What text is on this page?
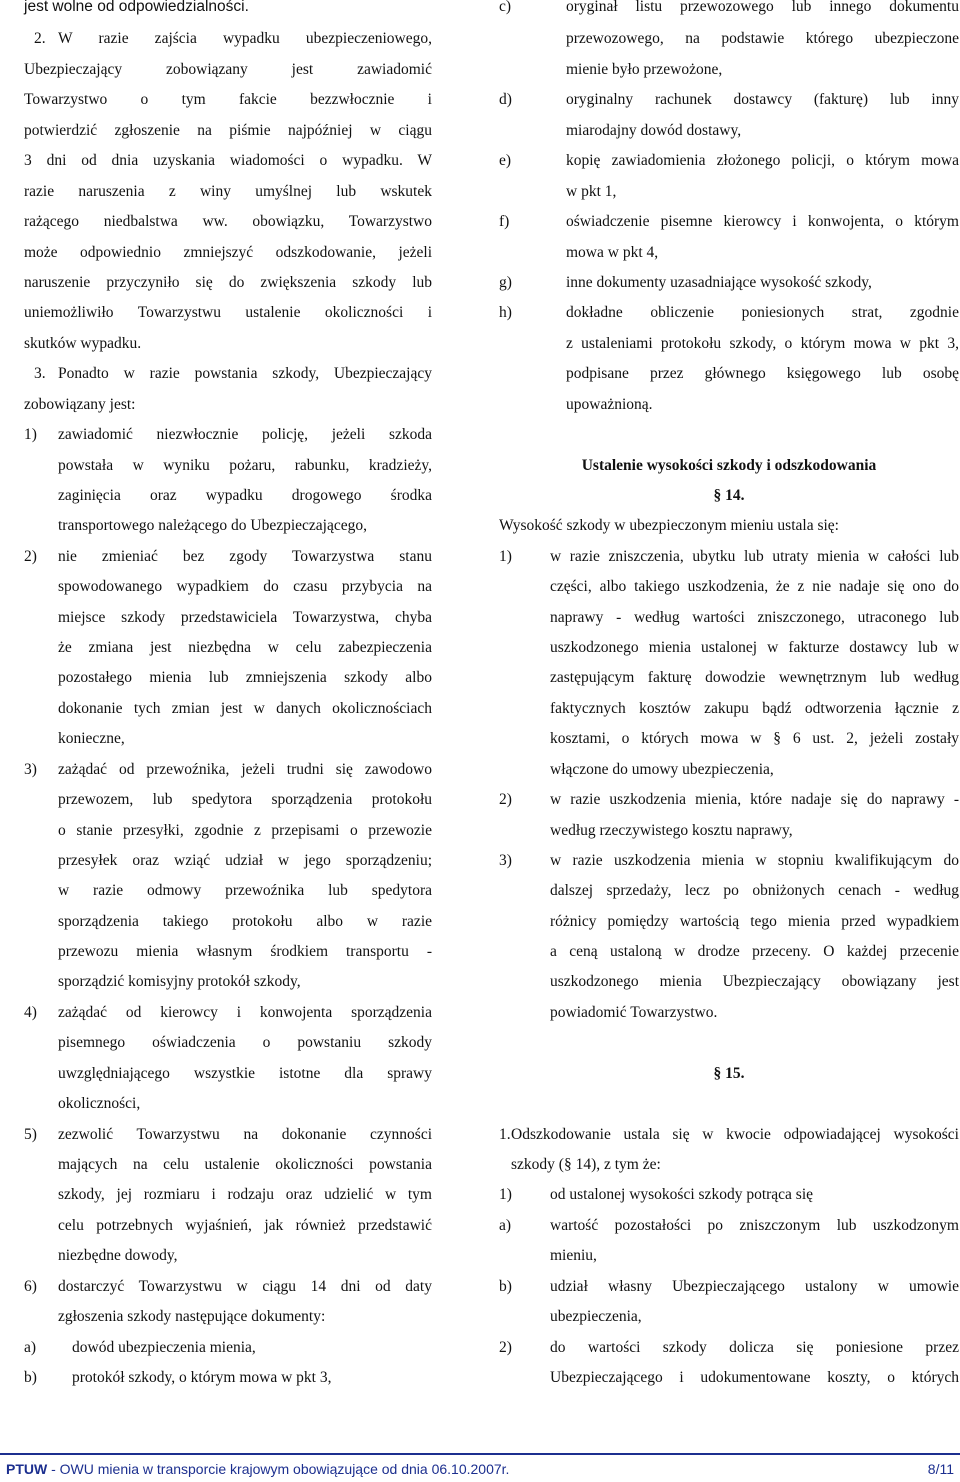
jest wolne od odpowiedzialności.
2. W razie zajścia wypadku ubezpieczeniowego,
Ubezpieczający zobowiązany jest zawiadomić
Towarzystwo o tym fakcie bezzwłocznie i
potwierdzić zgłoszenie na piśmie najpóźniej w ciągu
3 dni od dnia uzyskania wiadomości o wypadku. W
razie naruszenia z winy umyślnej lub wskutek
rażącego niedbalstwa ww. obowiązku, Towarzystwo
może odpowiednio zmniejszyć odszkodowanie, jeżeli
naruszenie przyczyniło się do zwiększenia szkody lub
uniemożliwiło Towarzystwu ustalenie okoliczności i
skutków wypadku.
3. Ponadto w razie powstania szkody, Ubezpieczający
zobowiązany jest:
1) zawiadomić niezwłocznie policję, jeżeli szkoda
powstała w wyniku pożaru, rabunku, kradzieży,
zaginięcia oraz wypadku drogowego środka
transportowego należącego do Ubezpieczającego,
2) nie zmieniać bez zgody Towarzystwa stanu
spowodowanego wypadkiem do czasu przybycia na
miejsce szkody przedstawiciela Towarzystwa, chyba
że zmiana jest niezbędna w celu zabezpieczenia
pozostałego mienia lub zmniejszenia szkody albo
dokonanie tych zmian jest w danych okolicznościach
konieczne,
3) zażądać od przewoźnika, jeżeli trudni się zawodowo
przewozem, lub spedytora sporządzenia protokołu
o stanie przesyłki, zgodnie z przepisami o przewozie
przesyłek oraz wziąć udział w jego sporządzeniu;
w razie odmowy przewoźnika lub spedytora
sporządzenia takiego protokołu albo w razie
przewozu mienia własnym środkiem transportu -
sporządzić komisyjny protokół szkody,
4) zażądać od kierowcy i konwojenta sporządzenia
pisemnego oświadczenia o powstaniu szkody
uwzględniającego wszystkie istotne dla sprawy
okoliczności,
5) zezwolić Towarzystwu na dokonanie czynności
mających na celu ustalenie okoliczności powstania
szkody, jej rozmiaru i rodzaju oraz udzielić w tym
celu potrzebnych wyjaśnień, jak również przedstawić
niezbędne dowody,
6) dostarczyć Towarzystwu w ciągu 14 dni od daty
zgłoszenia szkody następujące dokumenty:
a) dowód ubezpieczenia mienia,
b) protokół szkody, o którym mowa w pkt 3,
c)	oryginał listu przewozowego lub innego dokumentu
przewozowego, na podstawie którego ubezpieczone
mienie było przewożone,
d)	oryginalny rachunek dostawcy (fakturę) lub inny
miarodajny dowód dostawy,
e)	kopię zawiadomienia złożonego policji, o którym mowa
w pkt 1,
f)	oświadczenie pisemne kierowcy i konwojenta, o którym
mowa w pkt 4,
g)	inne dokumenty uzasadniające wysokość szkody,
h)	dokładne obliczenie poniesionych strat, zgodnie
z ustaleniami protokołu szkody, o którym mowa w pkt 3,
podpisane przez głównego księgowego lub osobę
upoważnioną.
Ustalenie wysokości szkody i odszkodowania
§ 14.
Wysokość szkody w ubezpieczonym mieniu ustala się:
1) w razie zniszczenia, ubytku lub utraty mienia w całości lub
części, albo takiego uszkodzenia, że z nie nadaje się ono do
naprawy - według wartości zniszczonego, utraconego lub
uszkodzonego mienia ustalonej w fakturze dostawcy lub w
zastępującym fakturę dowodzie wewnętrznym lub według
faktycznych kosztów zakupu bądź odtworzenia łącznie z
kosztami, o których mowa w § 6 ust. 2, jeżeli zostały
włączone do umowy ubezpieczenia,
2) w razie uszkodzenia mienia, które nadaje się do naprawy -
według rzeczywistego kosztu naprawy,
3) w razie uszkodzenia mienia w stopniu kwalifikującym do
dalszej sprzedaży, lecz po obniżonych cenach - według
różnicy pomiędzy wartością tego mienia przed wypadkiem
a ceną ustaloną w drodze przeceny. O każdej przecenie
uszkodzonego mienia Ubezpieczający obowiązany jest
powiadomić Towarzystwo.
§ 15.
1. Odszkodowanie ustala się w kwocie odpowiadającej wysokości
szkody (§ 14), z tym że:
1) od ustalonej wysokości szkody potrąca się
a)	wartość pozostałości po zniszczonym lub uszkodzonym
mieniu,
b) udział własny Ubezpieczającego ustalony w umowie
ubezpieczenia,
2) do wartości szkody dolicza się poniesione przez
Ubezpieczającego i udokumentowane koszty, o których
PTUW - OWU mienia w transporcie krajowym obowiązujące od dnia 06.10.2007r.	8/11
